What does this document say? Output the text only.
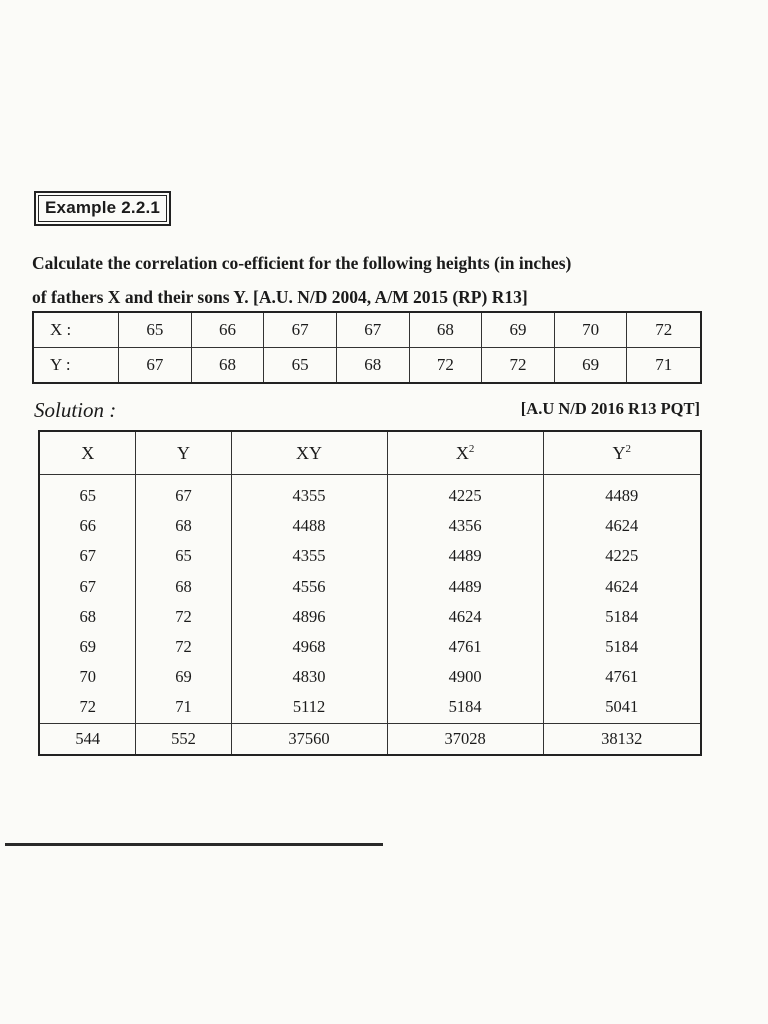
Example 2.2.1

Calculate the correlation co-efficient for the following heights (in inches)
of fathers X and their sons Y. [A.U. N/D 2004, A/M 2015 (RP) R13]

X :	65	66	67	67	68	69	70	72
Y :	67	68	65	68	72	72	69	71

Solution :	[A.U N/D 2016 R13 PQT]

X	Y	XY	$X^2$	$Y^2$
65	67	4355	4225	4489
66	68	4488	4356	4624
67	65	4355	4489	4225
67	68	4556	4489	4624
68	72	4896	4624	5184
69	72	4968	4761	5184
70	69	4830	4900	4761
72	71	5112	5184	5041
544	552	37560	37028	38132
